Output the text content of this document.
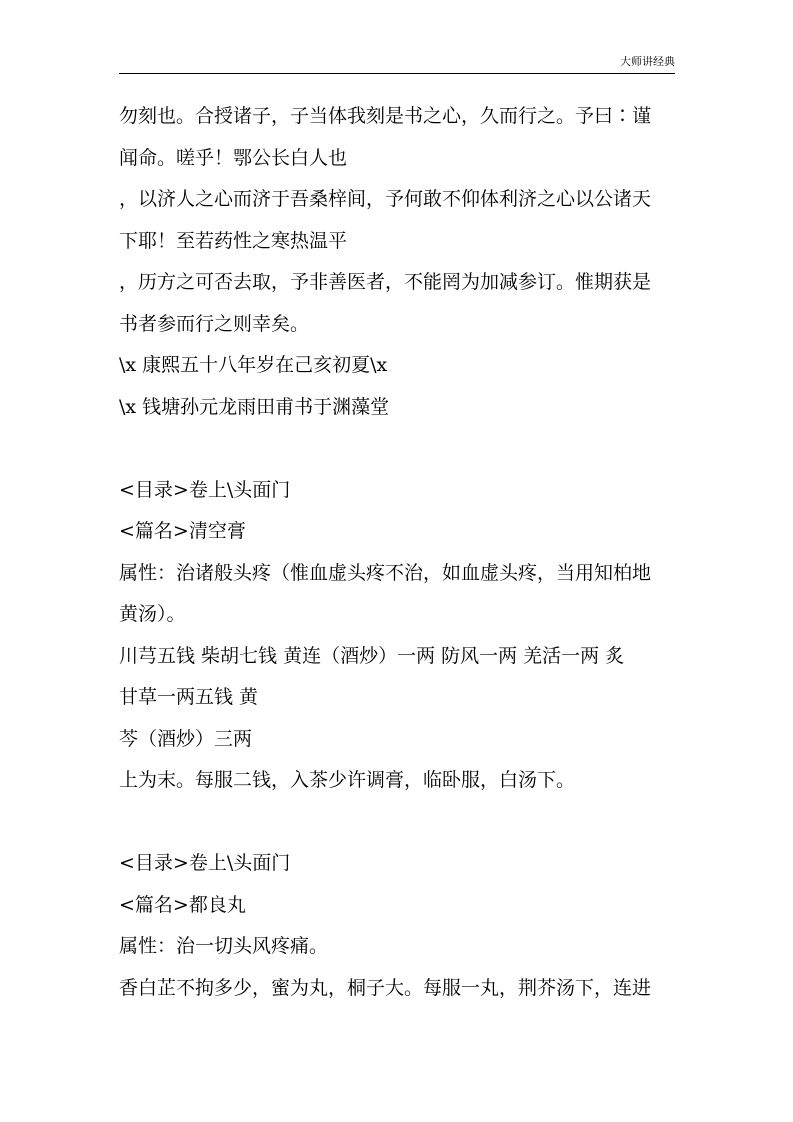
大师讲经典
勿刻也。合授诸子，子当体我刻是书之心，久而行之。予曰∶谨
闻命。嗟乎！鄂公长白人也
，以济人之心而济于吾桑梓间，予何敢不仰体利济之心以公诸天
下耶！至若药性之寒热温平
，历方之可否去取，予非善医者，不能罔为加减参订。惟期获是
书者参而行之则幸矣。
\x 康熙五十八年岁在己亥初夏\x
\x 钱塘孙元龙雨田甫书于渊藻堂
<目录>卷上\头面门
<篇名>清空膏
属性：治诸般头疼（惟血虚头疼不治，如血虚头疼，当用知柏地
黄汤）。
川芎五钱 柴胡七钱 黄连（酒炒）一两 防风一两 羌活一两 炙
甘草一两五钱 黄
芩（酒炒）三两
上为末。每服二钱，入茶少许调膏，临卧服，白汤下。
<目录>卷上\头面门
<篇名>都良丸
属性：治一切头风疼痛。
香白芷不拘多少，蜜为丸，桐子大。每服一丸，荆芥汤下，连进
